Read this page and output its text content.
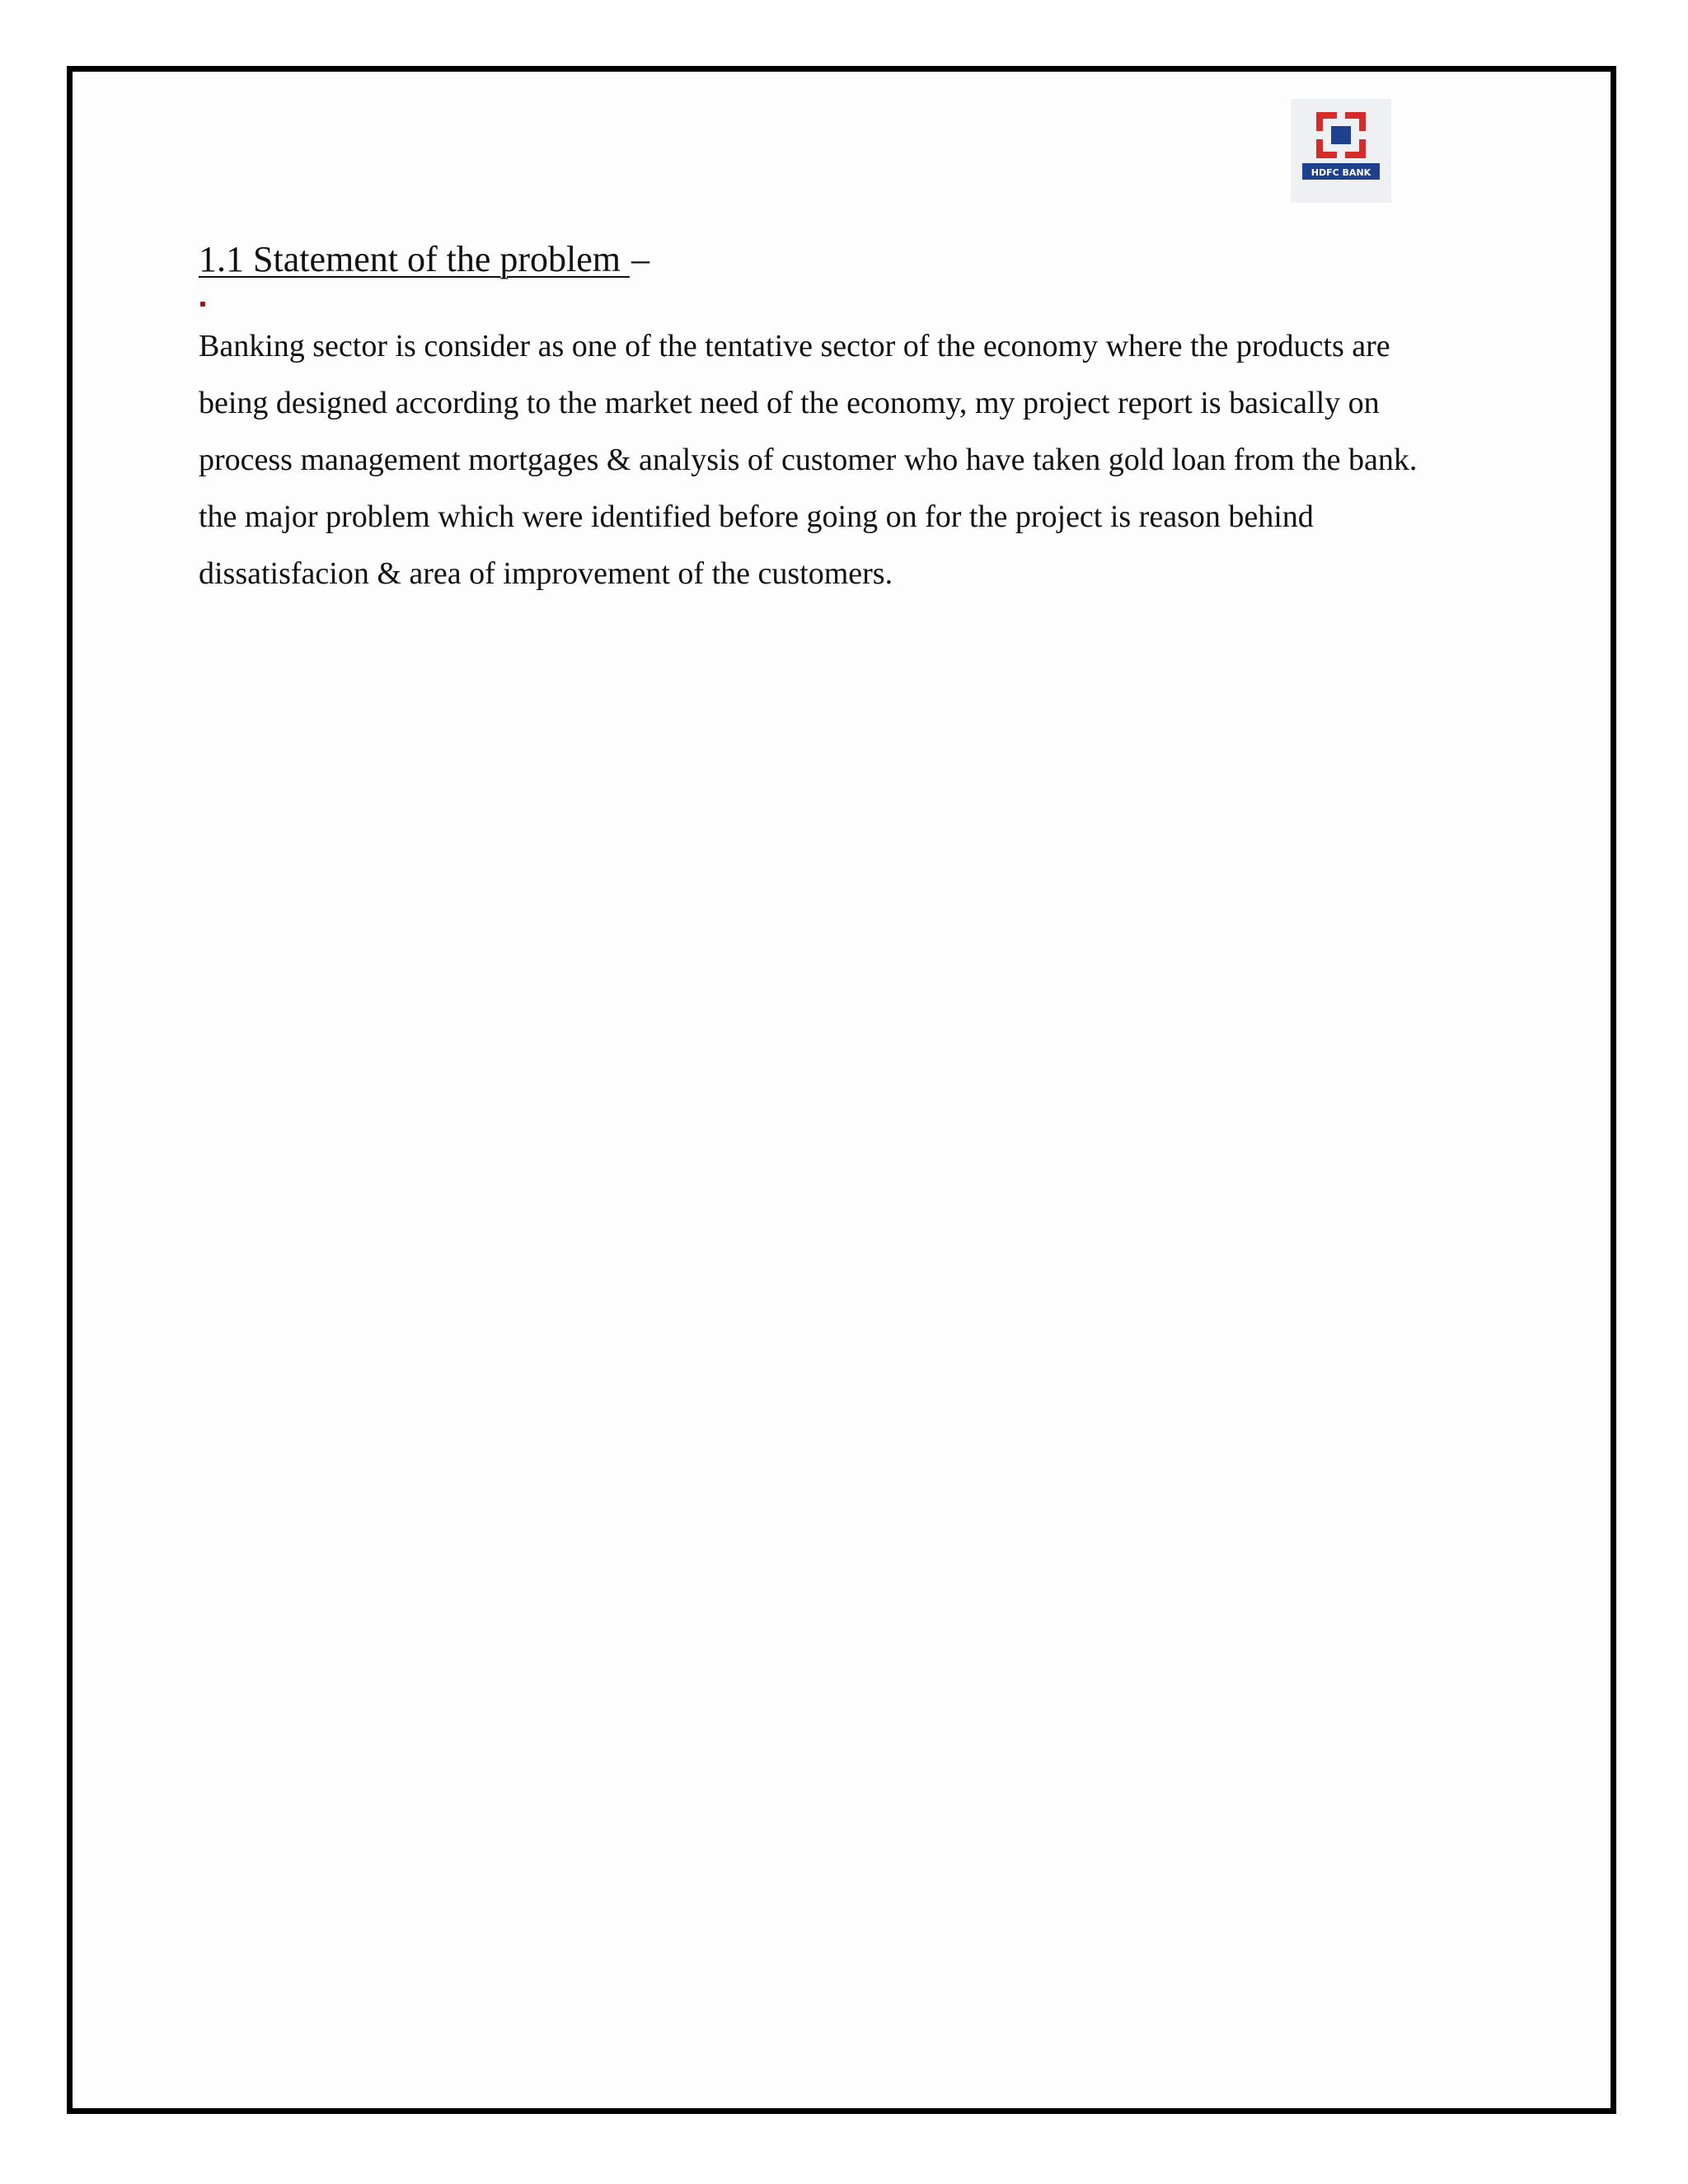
HDFC BANK
1.1 Statement of the problem –

Banking sector is consider as one of the tentative sector of the economy where the products are
being designed according to the market need of the economy, my project report is basically on
process management mortgages & analysis of customer who have taken gold loan from the bank.
the major problem which were identified before going on for the project is reason behind
dissatisfacion & area of improvement of the customers.
